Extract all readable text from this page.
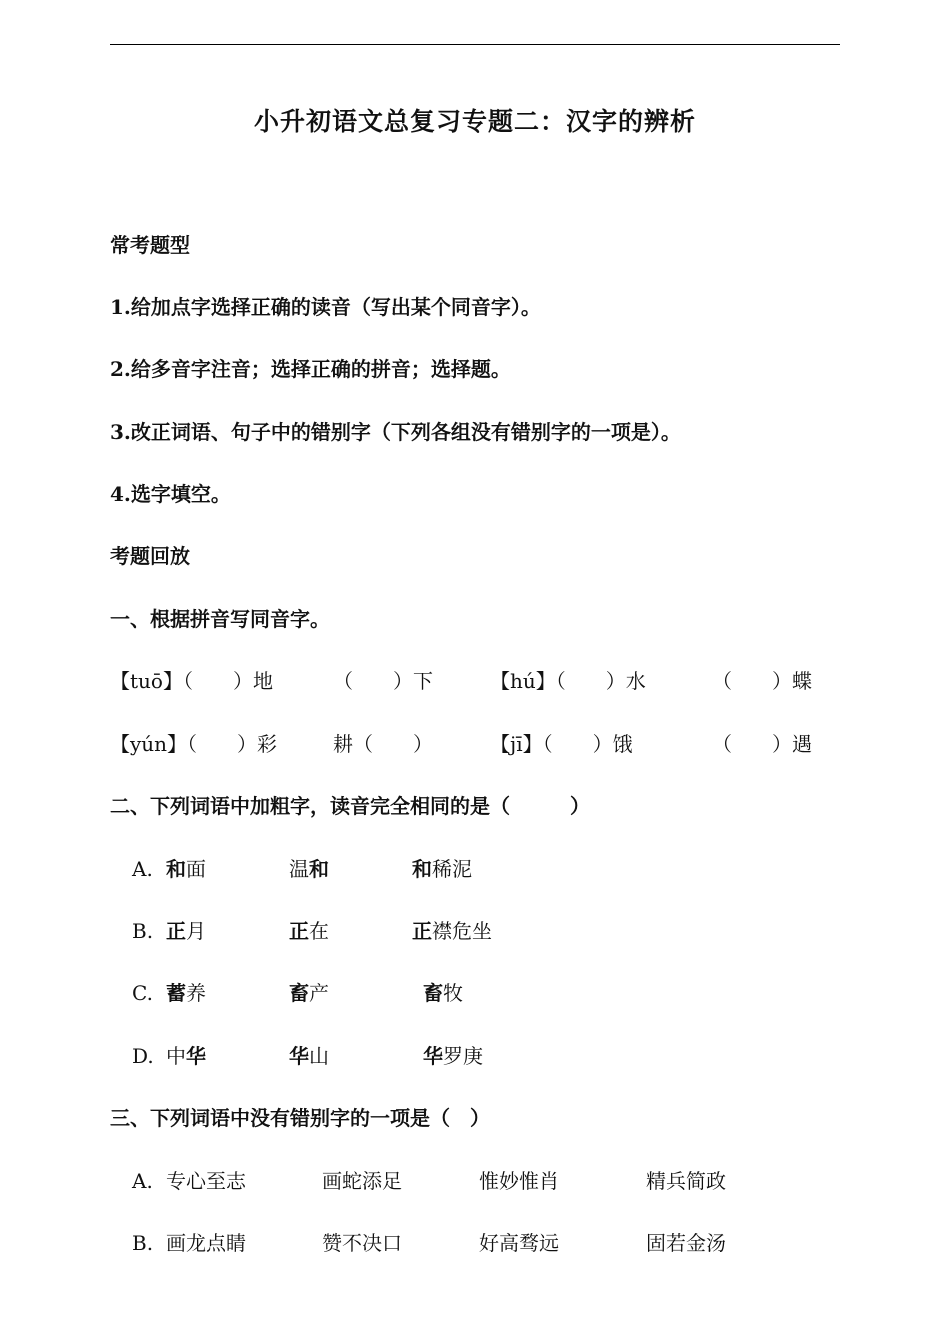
小升初语文总复习专题二：汉字的辨析
常考题型
1.给加点字选择正确的读音（写出某个同音字）。
2.给多音字注音；选择正确的拼音；选择题。
3.改正词语、句子中的错别字（下列各组没有错别字的一项是）。
4.选字填空。
考题回放
一、根据拼音写同音字。
【tuō】（　　）地	（　　）下	【hú】（　　）水	（　　）蝶
【yún】（　　）彩	耕（　　）	【jī】（　　）饿	（　　）遇
二、下列词语中加粗字，读音完全相同的是（　　　）
A. 和面	温和	和稀泥
B. 正月	正在	正襟危坐
C. 蓄养	畜产	畜牧
D. 中华	华山	华罗庚
三、下列词语中没有错别字的一项是（　）
A. 专心至志	画蛇添足	惟妙惟肖	精兵简政
B. 画龙点睛	赞不决口	好高骛远	固若金汤
